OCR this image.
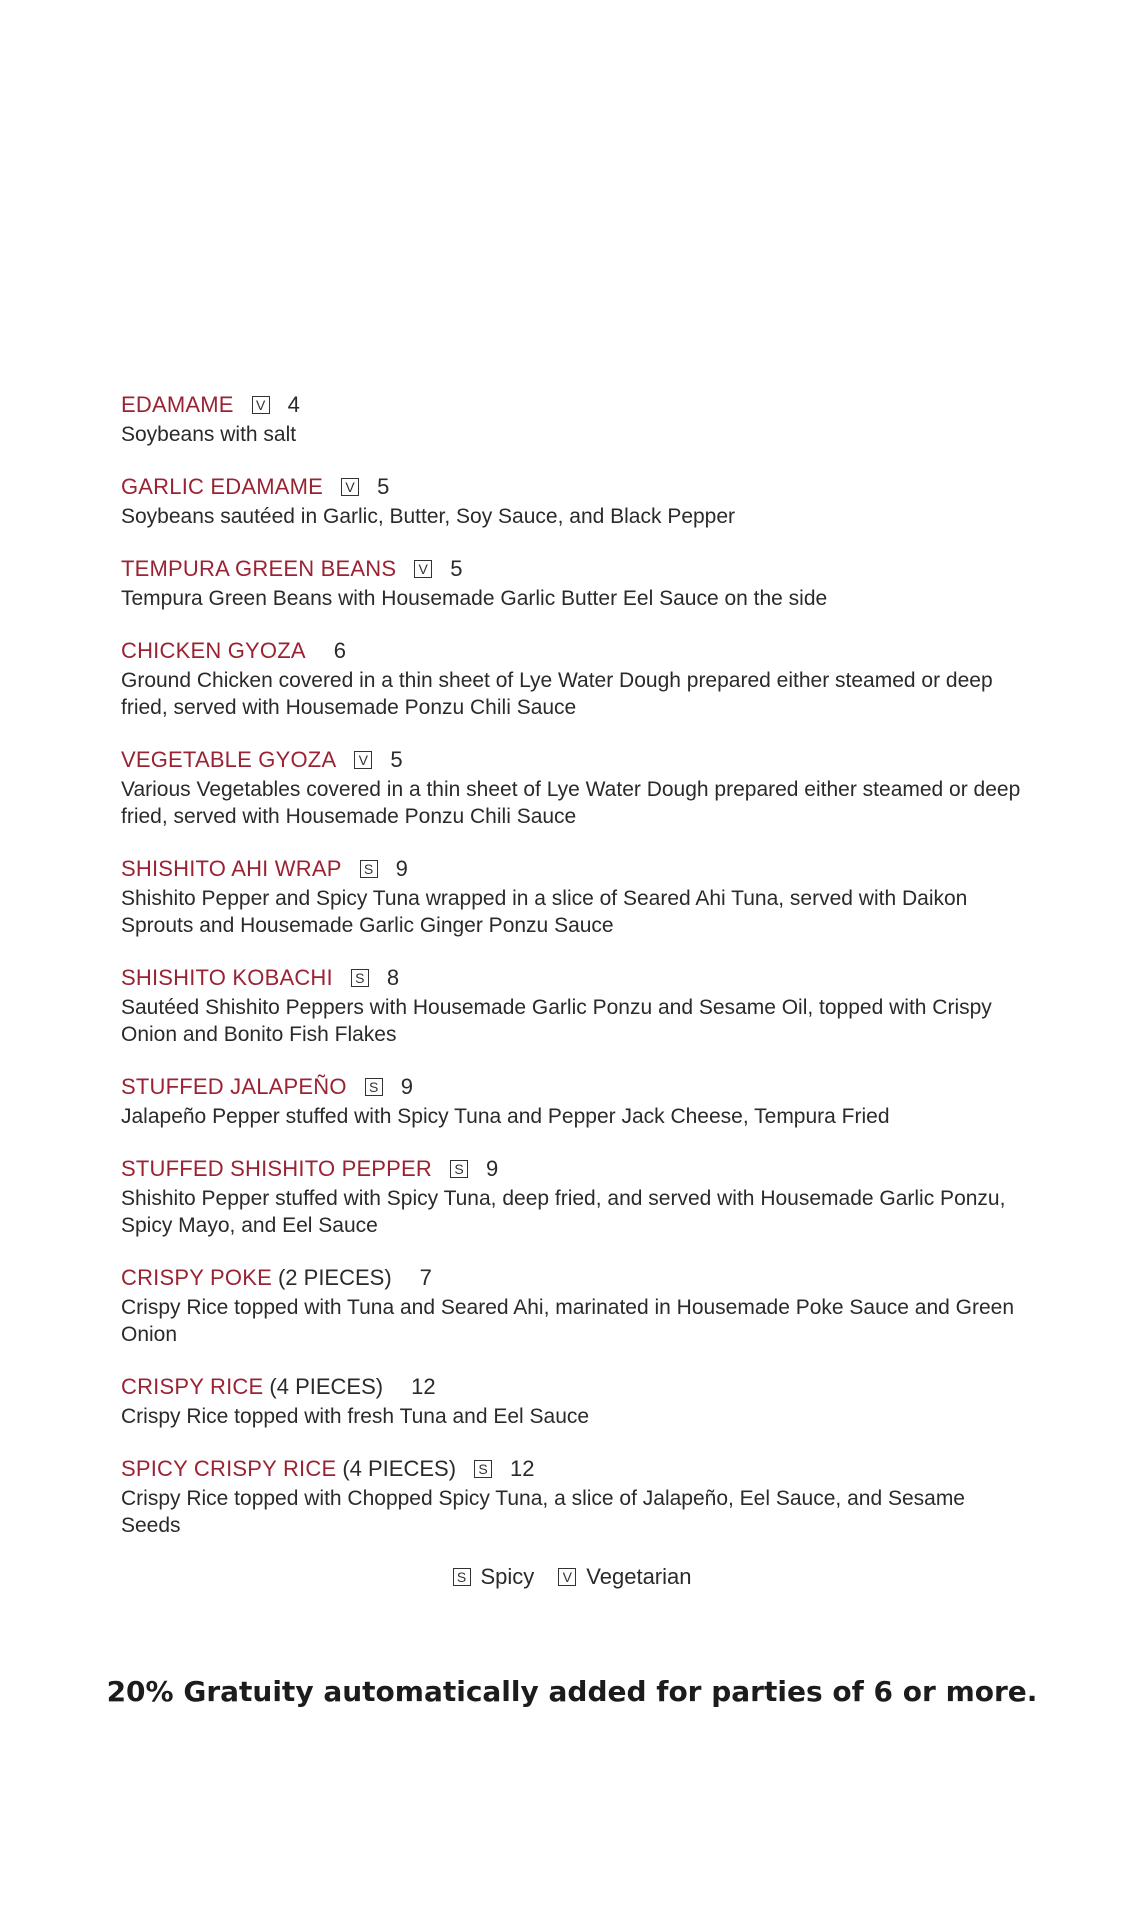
EDAMAME	V 4
Soybeans with salt
GARLIC EDAMAME	V 5
Soybeans sautéed in Garlic, Butter, Soy Sauce, and Black Pepper
TEMPURA GREEN BEANS	V 5
Tempura Green Beans with Housemade Garlic Butter Eel Sauce on the side
CHICKEN GYOZA 6
Ground Chicken covered in a thin sheet of Lye Water Dough prepared either steamed or deep fried, served with Housemade Ponzu Chili Sauce
VEGETABLE GYOZA	V 5
Various Vegetables covered in a thin sheet of Lye Water Dough prepared either steamed or deep fried, served with Housemade Ponzu Chili Sauce
SHISHITO AHI WRAP	S 9
Shishito Pepper and Spicy Tuna wrapped in a slice of Seared Ahi Tuna, served with Daikon Sprouts and Housemade Garlic Ginger Ponzu Sauce
SHISHITO KOBACHI	S 8
Sautéed Shishito Peppers with Housemade Garlic Ponzu and Sesame Oil, topped with Crispy Onion and Bonito Fish Flakes
STUFFED JALAPEÑO	S 9
Jalapeño Pepper stuffed with Spicy Tuna and Pepper Jack Cheese, Tempura Fried
STUFFED SHISHITO PEPPER	S 9
Shishito Pepper stuffed with Spicy Tuna, deep fried, and served with Housemade Garlic Ponzu, Spicy Mayo, and Eel Sauce
CRISPY POKE (2 PIECES) 7
Crispy Rice topped with Tuna and Seared Ahi, marinated in Housemade Poke Sauce and Green Onion
CRISPY RICE (4 PIECES) 12
Crispy Rice topped with fresh Tuna and Eel Sauce
SPICY CRISPY RICE (4 PIECES)	S 12
Crispy Rice topped with Chopped Spicy Tuna, a slice of Jalapeño, Eel Sauce, and Sesame Seeds
S Spicy	V Vegetarian
20% Gratuity automatically added for parties of 6 or more.
